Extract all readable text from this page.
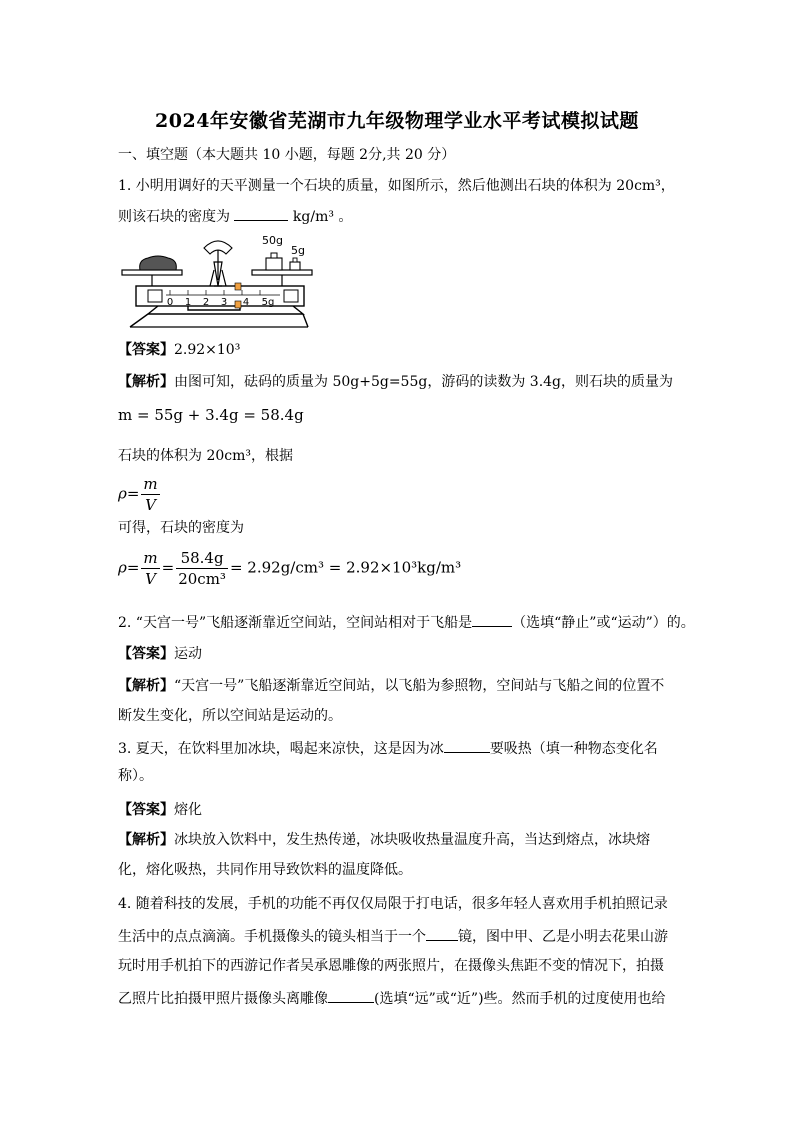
2024年安徽省芜湖市九年级物理学业水平考试模拟试题
一、填空题（本大题共 10 小题，每题 2分,共 20 分）
1. 小明用调好的天平测量一个石块的质量，如图所示，然后他测出石块的体积为 20cm³，
则该石块的密度为	kg/m³ 。
0 1 2 3 4 5g
50g
5g
【答案】2.92×10³
【解析】由图可知，砝码的质量为 50g+5g=55g，游码的读数为 3.4g，则石块的质量为
m = 55g + 3.4g = 58.4g
石块的体积为 20cm³，根据
$\rho= \frac{m}{V}$
可得，石块的密度为
$\rho= \frac{m}{V} = \frac{58.4g}{\text{20cm³}} = 2.92g/cm^3 = 2.92\times 10^3kg/m^3$
2. “天宫一号”飞船逐渐靠近空间站，空间站相对于飞船是	（选填“静止”或“运动”）的。
【答案】运动
【解析】“天宫一号”飞船逐渐靠近空间站，以飞船为参照物，空间站与飞船之间的位置不
断发生变化，所以空间站是运动的。
3. 夏天，在饮料里加冰块，喝起来凉快，这是因为冰	要吸热（填一种物态变化名
称）。
【答案】熔化
【解析】冰块放入饮料中，发生热传递，冰块吸收热量温度升高，当达到熔点，冰块熔
化，熔化吸热，共同作用导致饮料的温度降低。
4. 随着科技的发展，手机的功能不再仅仅局限于打电话，很多年轻人喜欢用手机拍照记录
生活中的点点滴滴。手机摄像头的镜头相当于一个 镜，图中甲、乙是小明去花果山游
玩时用手机拍下的西游记作者吴承恩雕像的两张照片，在摄像头焦距不变的情况下，拍摄
乙照片比拍摄甲照片摄像头离雕像	(选填“远”或“近”)些。然而手机的过度使用也给
